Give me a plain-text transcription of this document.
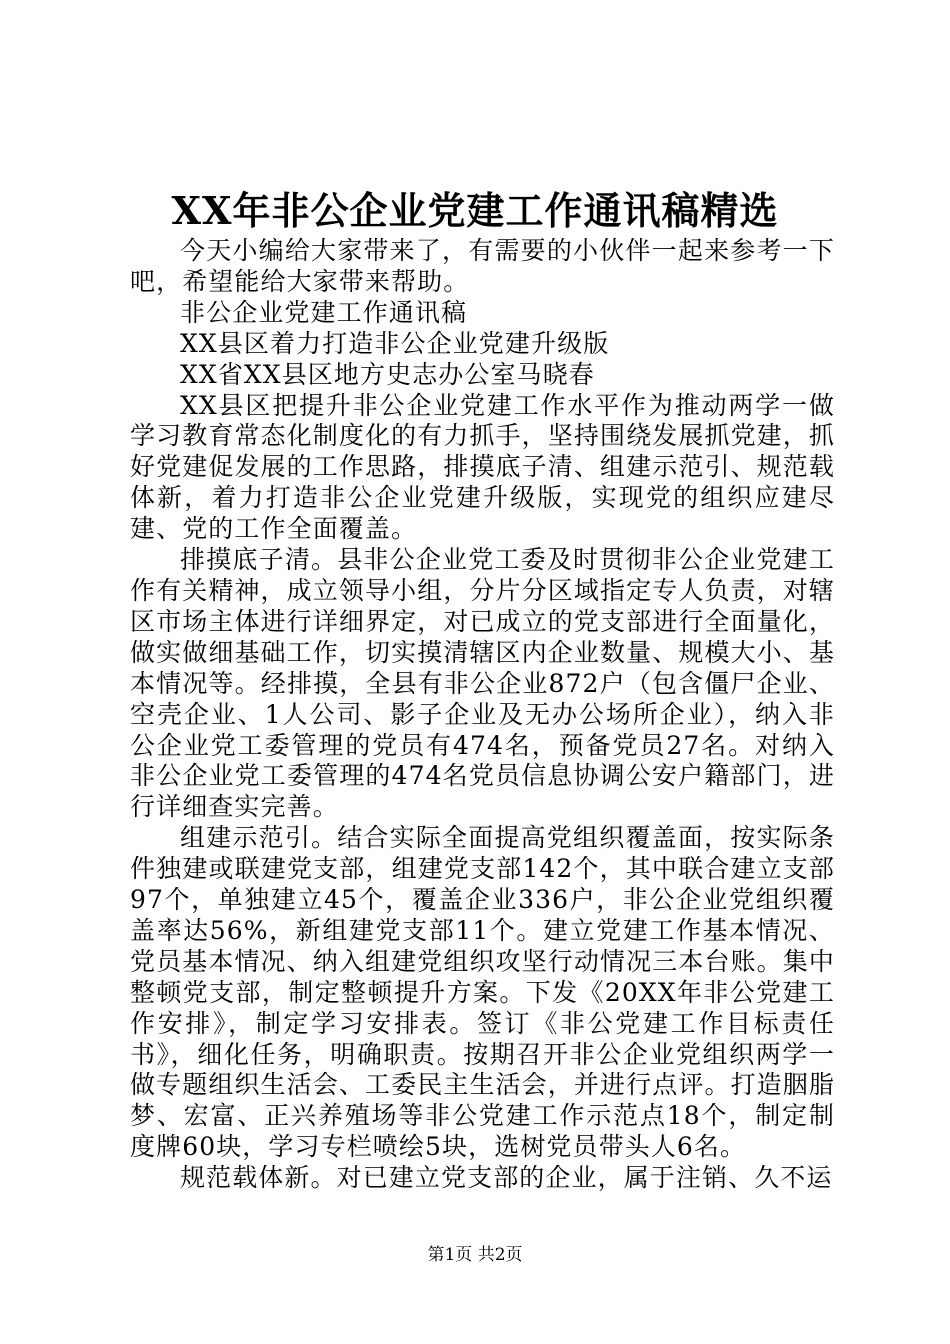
XX年非公企业党建工作通讯稿精选

今天小编给大家带来了，有需要的小伙伴一起来参考一下吧，希望能给大家带来帮助。

非公企业党建工作通讯稿

XX县区着力打造非公企业党建升级版

XX省XX县区地方史志办公室马晓春

XX县区把提升非公企业党建工作水平作为推动两学一做学习教育常态化制度化的有力抓手，坚持围绕发展抓党建，抓好党建促发展的工作思路，排摸底子清、组建示范引、规范载体新，着力打造非公企业党建升级版，实现党的组织应建尽建、党的工作全面覆盖。

排摸底子清。县非公企业党工委及时贯彻非公企业党建工作有关精神，成立领导小组，分片分区域指定专人负责，对辖区市场主体进行详细界定，对已成立的党支部进行全面量化，做实做细基础工作，切实摸清辖区内企业数量、规模大小、基本情况等。经排摸，全县有非公企业872户（包含僵尸企业、空壳企业、1人公司、影子企业及无办公场所企业），纳入非公企业党工委管理的党员有474名，预备党员27名。对纳入非公企业党工委管理的474名党员信息协调公安户籍部门，进行详细查实完善。

组建示范引。结合实际全面提高党组织覆盖面，按实际条件独建或联建党支部，组建党支部142个，其中联合建立支部97个，单独建立45个，覆盖企业336户，非公企业党组织覆盖率达56%，新组建党支部11个。建立党建工作基本情况、党员基本情况、纳入组建党组织攻坚行动情况三本台账。集中整顿党支部，制定整顿提升方案。下发《20XX年非公党建工作安排》，制定学习安排表。签订《非公党建工作目标责任书》，细化任务，明确职责。按期召开非公企业党组织两学一做专题组织生活会、工委民主生活会，并进行点评。打造胭脂梦、宏富、正兴养殖场等非公党建工作示范点18个，制定制度牌60块，学习专栏喷绘5块，选树党员带头人6名。

规范载体新。对已建立党支部的企业，属于注销、久不运

第1页 共2页
